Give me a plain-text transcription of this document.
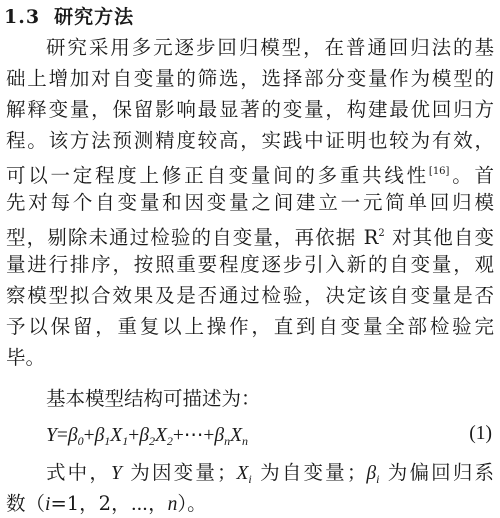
1.3 研究方法
研究采用多元逐步回归模型，在普通回归法的基
础上增加对自变量的筛选，选择部分变量作为模型的
解释变量，保留影响最显著的变量，构建最优回归方
程。该方法预测精度较高，实践中证明也较为有效，
可以一定程度上修正自变量间的多重共线性[16]。首
先对每个自变量和因变量之间建立一元简单回归模
型，剔除未通过检验的自变量，再依据 $R^2$ 对其他自变
量进行排序，按照重要程度逐步引入新的自变量，观
察模型拟合效果及是否通过检验，决定该自变量是否
予以保留，重复以上操作，直到自变量全部检验完
毕。
基本模型结构可描述为：
$Y=\beta_0+\beta_1X_1+\beta_2X_2+\cdots+\beta_nX_n$	(1)
式中，Y 为因变量；$X_i$ 为自变量；$\beta_i$ 为偏回归系
数（i=1，2，⋯，n）。
